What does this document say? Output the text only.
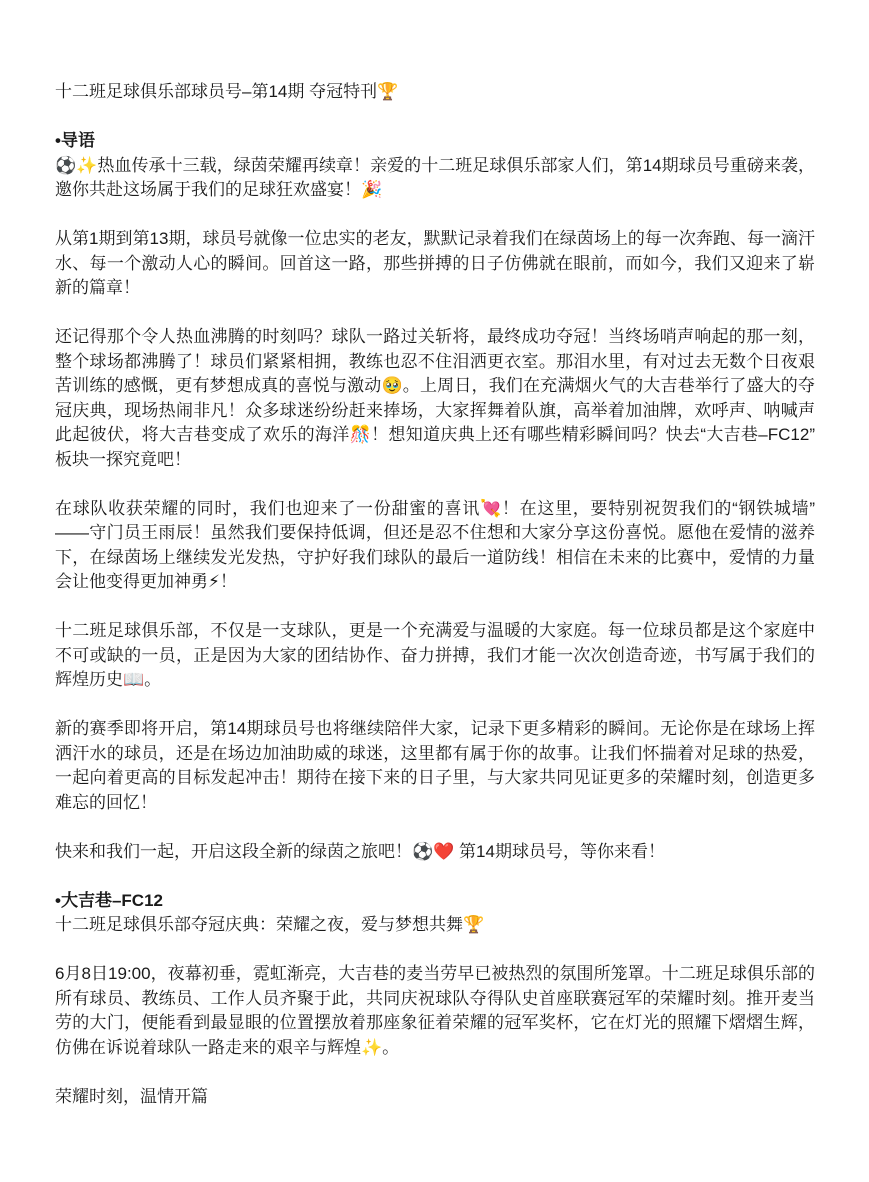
十二班足球俱乐部球员号–第14期 夺冠特刊🏆

•导语

⚽✨热血传承十三载，绿茵荣耀再续章！亲爱的十二班足球俱乐部家人们，第14期球员号重磅来袭，邀你共赴这场属于我们的足球狂欢盛宴！🎉

从第1期到第13期，球员号就像一位忠实的老友，默默记录着我们在绿茵场上的每一次奔跑、每一滴汗水、每一个激动人心的瞬间。回首这一路，那些拼搏的日子仿佛就在眼前，而如今，我们又迎来了崭新的篇章！

还记得那个令人热血沸腾的时刻吗？球队一路过关斩将，最终成功夺冠！当终场哨声响起的那一刻，整个球场都沸腾了！球员们紧紧相拥，教练也忍不住泪洒更衣室。那泪水里，有对过去无数个日夜艰苦训练的感慨，更有梦想成真的喜悦与激动🥹。上周日，我们在充满烟火气的大吉巷举行了盛大的夺冠庆典，现场热闹非凡！众多球迷纷纷赶来捧场，大家挥舞着队旗，高举着加油牌，欢呼声、呐喊声此起彼伏，将大吉巷变成了欢乐的海洋🎊！想知道庆典上还有哪些精彩瞬间吗？快去“大吉巷–FC12”板块一探究竟吧！

在球队收获荣耀的同时，我们也迎来了一份甜蜜的喜讯💘！在这里，要特别祝贺我们的“钢铁城墙”——守门员王雨辰！虽然我们要保持低调，但还是忍不住想和大家分享这份喜悦。愿他在爱情的滋养下，在绿茵场上继续发光发热，守护好我们球队的最后一道防线！相信在未来的比赛中，爱情的力量会让他变得更加神勇⚡！

十二班足球俱乐部，不仅是一支球队，更是一个充满爱与温暖的大家庭。每一位球员都是这个家庭中不可或缺的一员，正是因为大家的团结协作、奋力拼搏，我们才能一次次创造奇迹，书写属于我们的辉煌历史📖。

新的赛季即将开启，第14期球员号也将继续陪伴大家，记录下更多精彩的瞬间。无论你是在球场上挥洒汗水的球员，还是在场边加油助威的球迷，这里都有属于你的故事。让我们怀揣着对足球的热爱，一起向着更高的目标发起冲击！期待在接下来的日子里，与大家共同见证更多的荣耀时刻，创造更多难忘的回忆！

快来和我们一起，开启这段全新的绿茵之旅吧！⚽❤️ 第14期球员号，等你来看！

•大吉巷–FC12

十二班足球俱乐部夺冠庆典：荣耀之夜，爱与梦想共舞🏆

6月8日19:00，夜幕初垂，霓虹渐亮，大吉巷的麦当劳早已被热烈的氛围所笼罩。十二班足球俱乐部的所有球员、教练员、工作人员齐聚于此，共同庆祝球队夺得队史首座联赛冠军的荣耀时刻。推开麦当劳的大门，便能看到最显眼的位置摆放着那座象征着荣耀的冠军奖杯，它在灯光的照耀下熠熠生辉，仿佛在诉说着球队一路走来的艰辛与辉煌✨。

荣耀时刻，温情开篇
